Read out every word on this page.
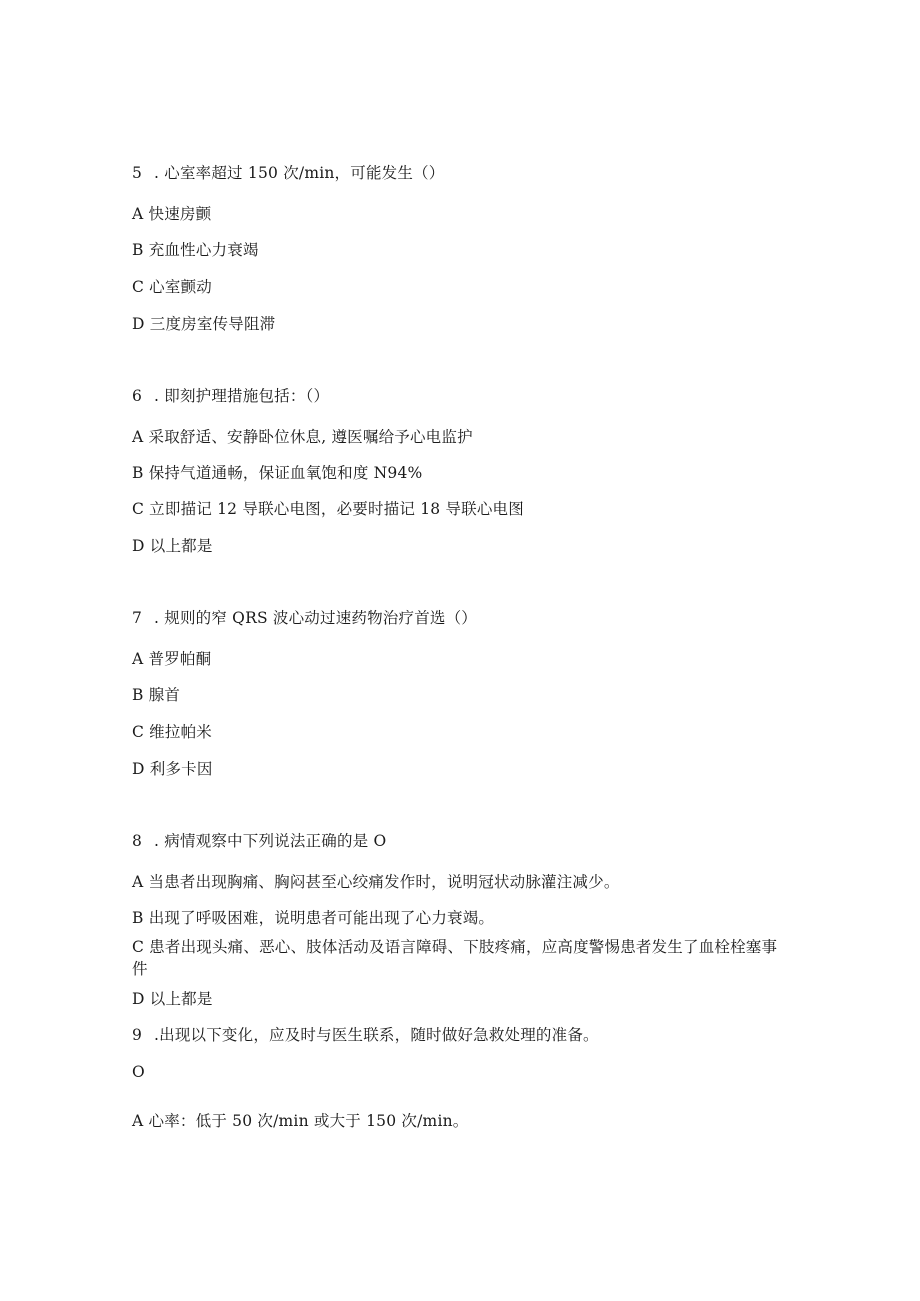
5 . 心室率超过 150 次/min，可能发生（）
A 快速房颤
B 充血性心力衰竭
C 心室颤动
D 三度房室传导阻滞
6 . 即刻护理措施包括：（）
A 采取舒适、安静卧位休息, 遵医嘱给予心电监护
B 保持气道通畅，保证血氧饱和度 N94%
C 立即描记 12 导联心电图，必要时描记 18 导联心电图
D 以上都是
7 . 规则的窄 QRS 波心动过速药物治疗首选（）
A 普罗帕酮
B 腺首
C 维拉帕米
D 利多卡因
8 . 病情观察中下列说法正确的是 O
A 当患者出现胸痛、胸闷甚至心绞痛发作时，说明冠状动脉灌注减少。
B 出现了呼吸困难，说明患者可能出现了心力衰竭。
C 患者出现头痛、恶心、肢体活动及语言障碍、下肢疼痛，应高度警惕患者发生了血栓栓塞事件
D 以上都是
9 .出现以下变化，应及时与医生联系，随时做好急救处理的准备。
O
A 心率：低于 50 次/min 或大于 150 次/min。
